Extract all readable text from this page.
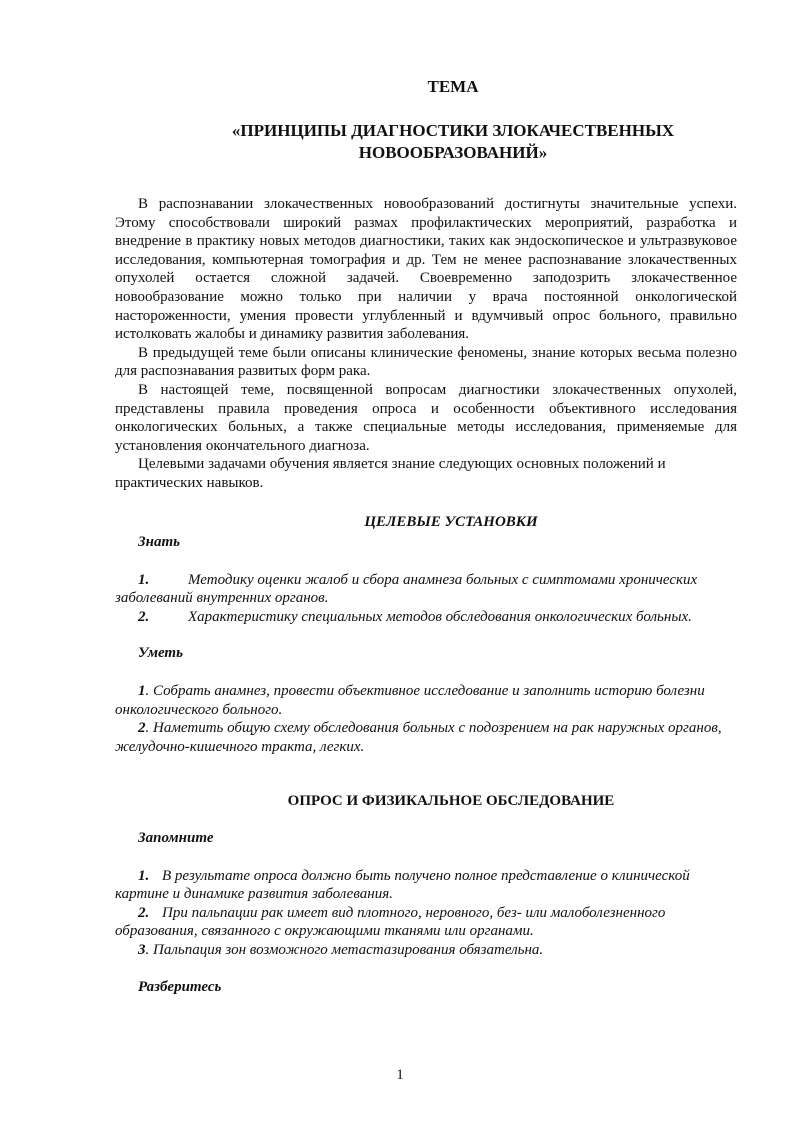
ТЕМА

«ПРИНЦИПЫ ДИАГНОСТИКИ ЗЛОКАЧЕСТВЕННЫХ
НОВООБРАЗОВАНИЙ»

В распознавании злокачественных новообразований достигнуты значительные успехи. Этому способствовали широкий размах профилактических мероприятий, разработка и внедрение в практику новых методов диагностики, таких как эндоскопическое и ультразвуковое исследования, компьютерная томография и др. Тем не менее распознавание злокачественных опухолей остается сложной задачей. Своевременно заподозрить злокачественное новообразование можно только при наличии у врача постоянной онкологической настороженности, умения провести углубленный и вдумчивый опрос больного, правильно истолковать жалобы и динамику развития заболевания.

В предыдущей теме были описаны клинические феномены, знание которых весьма полезно для распознавания развитых форм рака.

В настоящей теме, посвященной вопросам диагностики злокачественных опухолей, представлены правила проведения опроса и особенности объективного исследования онкологических больных, а также специальные методы исследования, применяемые для установления окончательного диагноза.

Целевыми задачами обучения является знание следующих основных положений и практических навыков.

ЦЕЛЕВЫЕ УСТАНОВКИ

Знать

1.	Методику оценки жалоб и сбора анамнеза больных с симптомами хронических заболеваний внутренних органов.

2.	Характеристику специальных методов обследования онкологических больных.

Уметь

1. Собрать анамнез, провести объективное исследование и заполнить историю болезни онкологического больного.

2. Наметить общую схему обследования больных с подозрением на рак наружных органов, желудочно-кишечного тракта, легких.

ОПРОС И ФИЗИКАЛЬНОЕ ОБСЛЕДОВАНИЕ

Запомните

1. В результате опроса должно быть получено полное представление о клинической картине и динамике развития заболевания.

2. При пальпации рак имеет вид плотного, неровного, без- или малоболезненного образования, связанного с окружающими тканями или органами.

3. Пальпация зон возможного метастазирования обязательна.

Разберитесь

1
